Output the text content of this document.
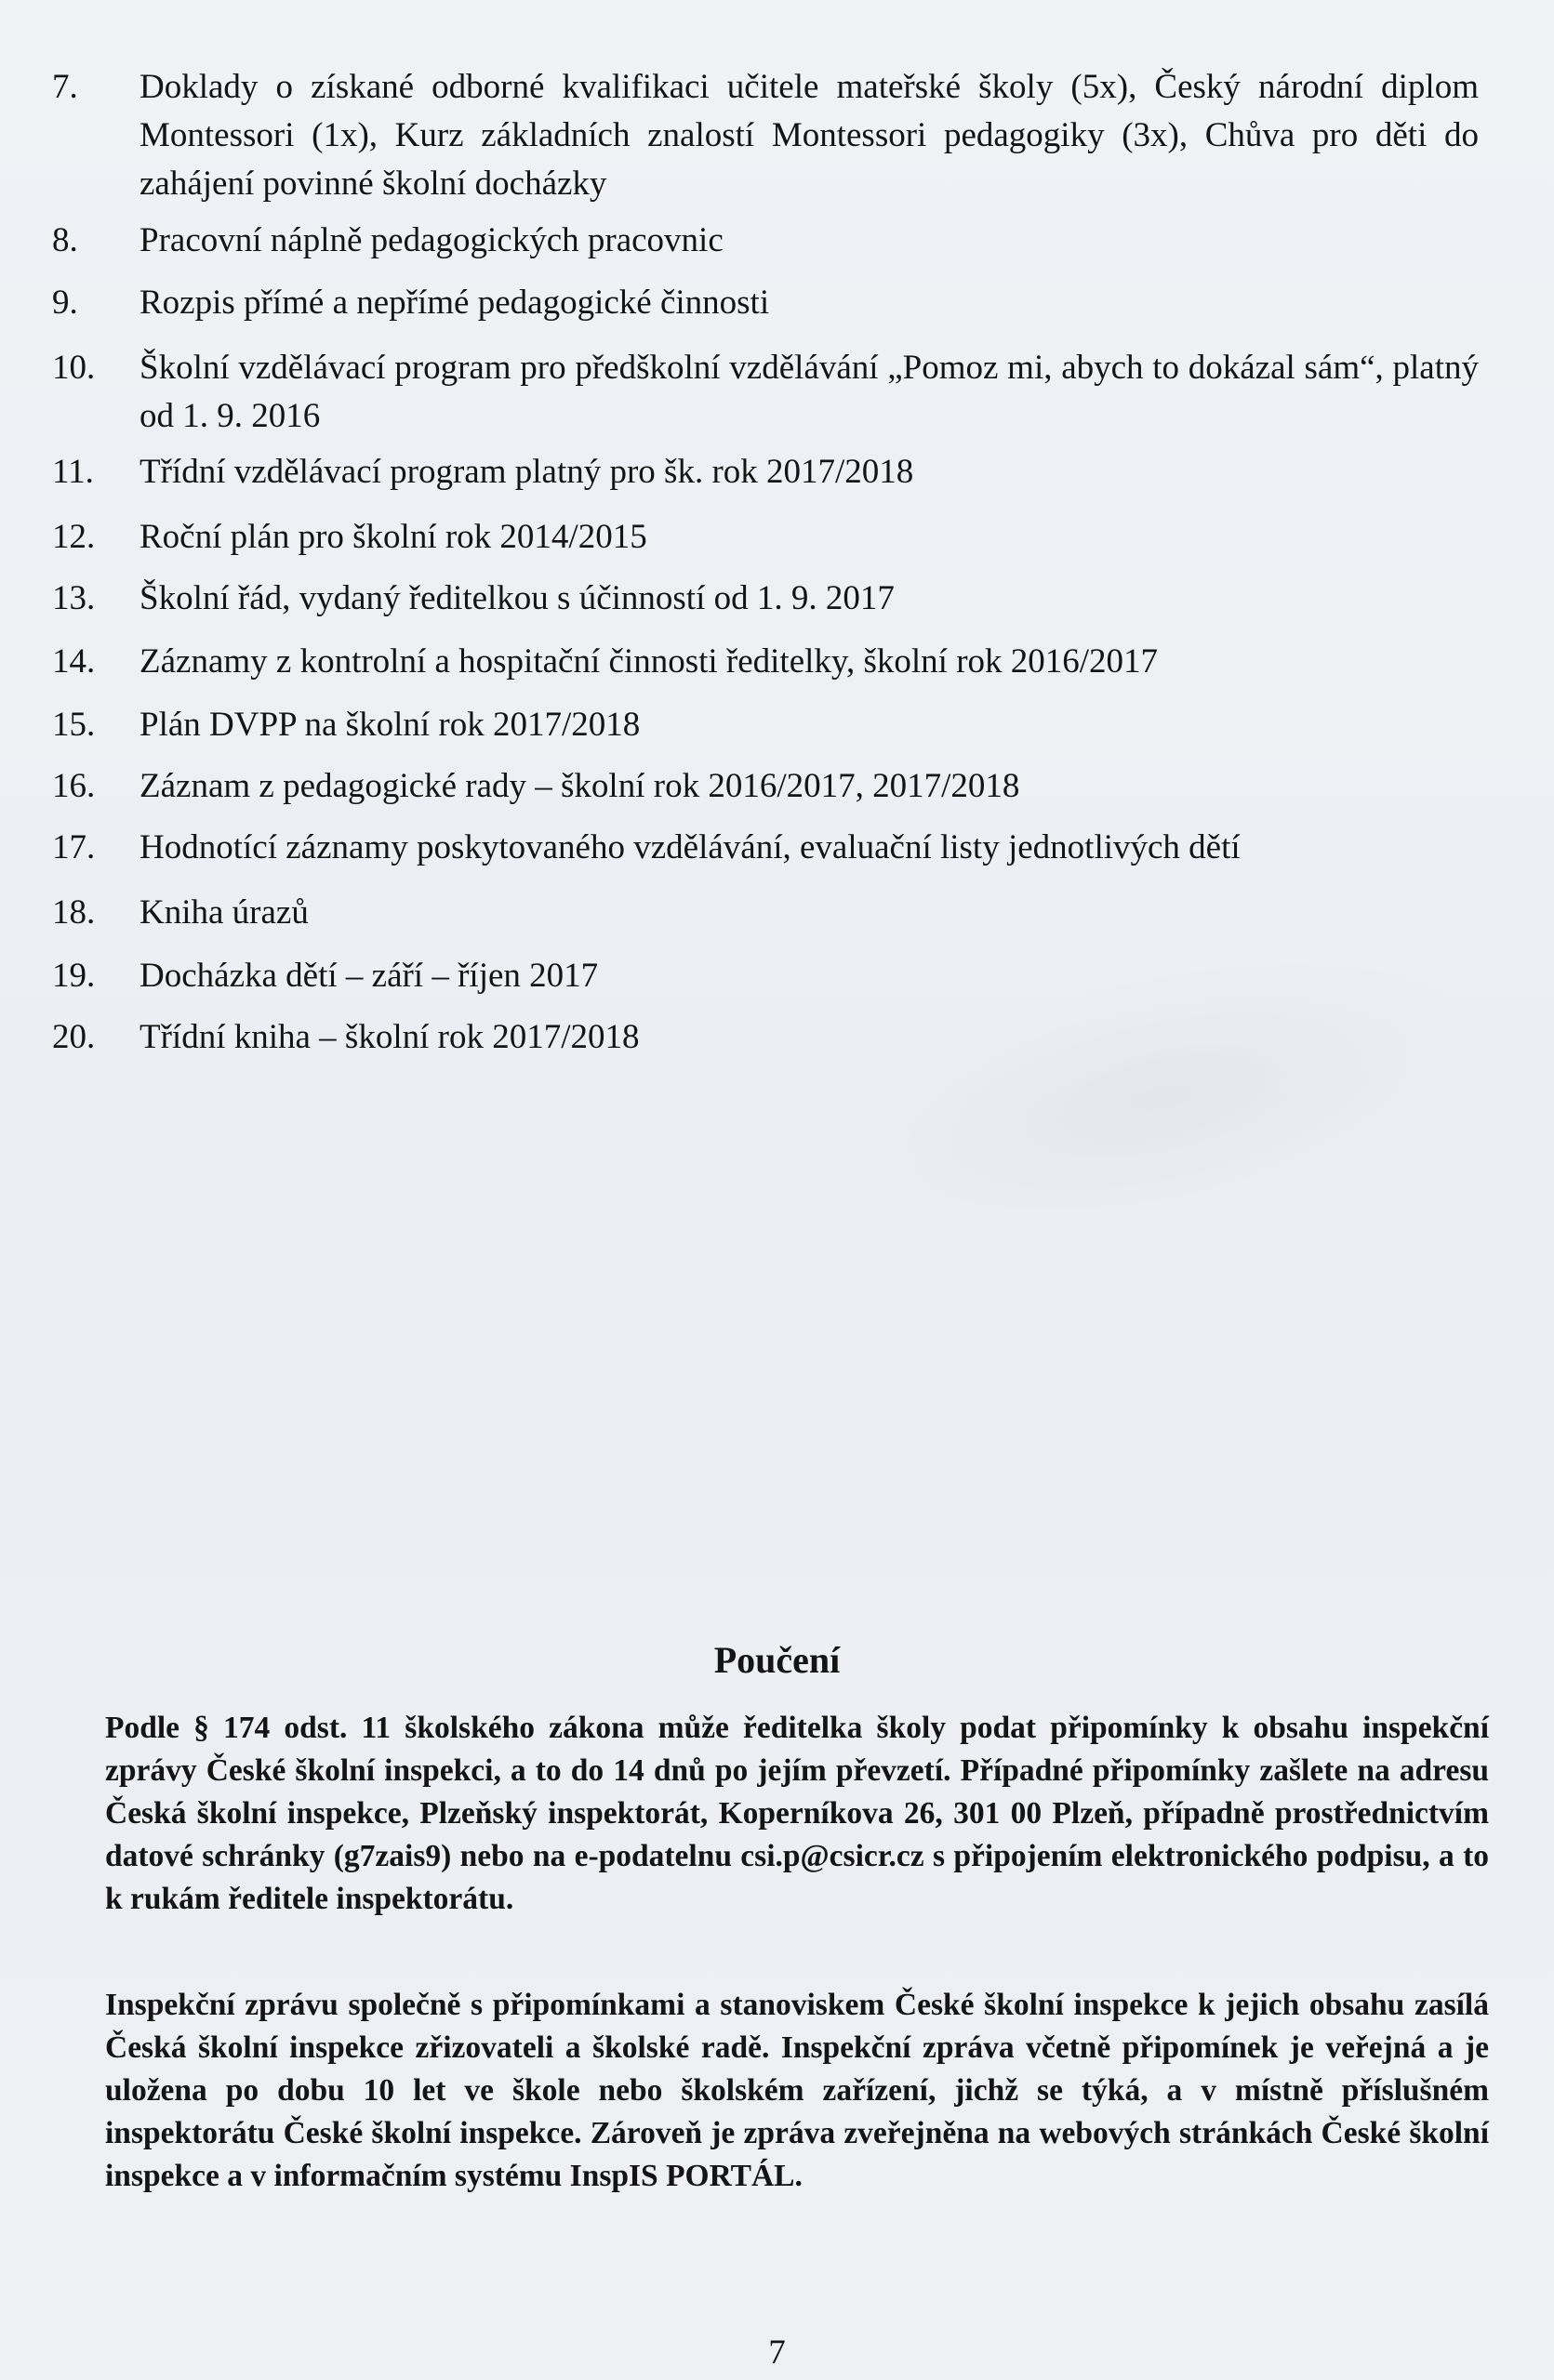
7. Doklady o získané odborné kvalifikaci učitele mateřské školy (5x), Český národní diplom Montessori (1x), Kurz základních znalostí Montessori pedagogiky (3x), Chůva pro děti do zahájení povinné školní docházky
8. Pracovní náplně pedagogických pracovnic
9. Rozpis přímé a nepřímé pedagogické činnosti
10. Školní vzdělávací program pro předškolní vzdělávání „Pomoz mi, abych to dokázal sám“, platný od 1. 9. 2016
11. Třídní vzdělávací program platný pro šk. rok 2017/2018
12. Roční plán pro školní rok 2014/2015
13. Školní řád, vydaný ředitelkou s účinností od 1. 9. 2017
14. Záznamy z kontrolní a hospitační činnosti ředitelky, školní rok 2016/2017
15. Plán DVPP na školní rok 2017/2018
16. Záznam z pedagogické rady – školní rok 2016/2017, 2017/2018
17. Hodnotící záznamy poskytovaného vzdělávání, evaluační listy jednotlivých dětí
18. Kniha úrazů
19. Docházka dětí – září – říjen 2017
20. Třídní kniha – školní rok 2017/2018
Poučení
Podle § 174 odst. 11 školského zákona může ředitelka školy podat připomínky k obsahu inspekční zprávy České školní inspekci, a to do 14 dnů po jejím převzetí. Případné připomínky zašlete na adresu Česká školní inspekce, Plzeňský inspektorát, Koperníkova 26, 301 00 Plzeň, případně prostřednictvím datové schránky (g7zais9) nebo na e-podatelnu csi.p@csicr.cz s připojením elektronického podpisu, a to k rukám ředitele inspektorátu.
Inspekční zprávu společně s připomínkami a stanoviskem České školní inspekce k jejich obsahu zasílá Česká školní inspekce zřizovateli a školské radě. Inspekční zpráva včetně připomínek je veřejná a je uložena po dobu 10 let ve škole nebo školském zařízení, jichž se týká, a v místně příslušném inspektorátu České školní inspekce. Zároveň je zpráva zveřejněna na webových stránkách České školní inspekce a v informačním systému InspIS PORTÁL.
7
